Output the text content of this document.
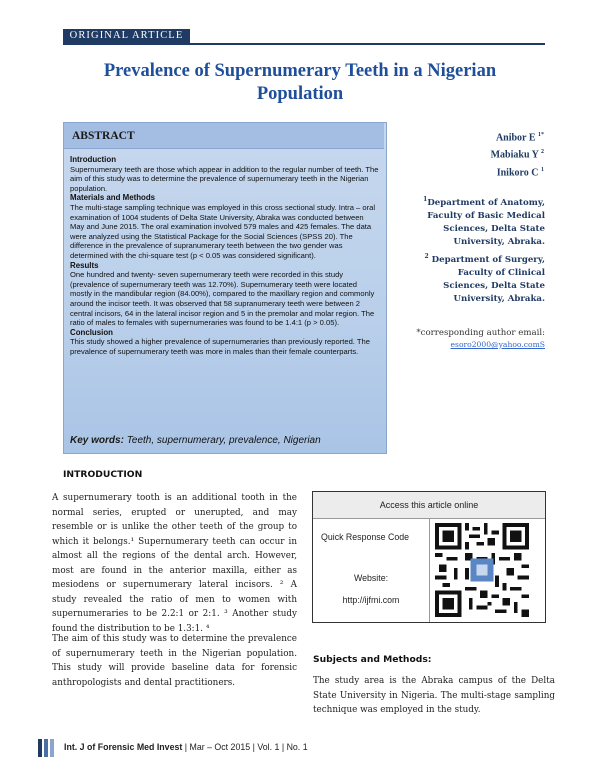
ORIGINAL ARTICLE
Prevalence of Supernumerary Teeth in a Nigerian
Population
ABSTRACT
Introduction

Supernumerary teeth are those which appear in addition to the regular number of teeth. The aim of this study was to determine the prevalence of supernumerary teeth in the Nigerian population.

Materials and Methods

The multi-stage sampling technique was employed in this cross sectional study. Intra – oral examination of 1004 students of Delta State University, Abraka was conducted between May and June 2015. The oral examination involved 579 males and 425 females. The data were analyzed using the Statistical Package for the Social Sciences (SPSS 20). The difference in the prevalence of supranumerary teeth between the two gender was determined with the chi-square test (p < 0.05 was considered significant).

Results

One hundred and twenty- seven supernumerary teeth were recorded in this study (prevalence of supernumerary teeth was 12.70%). Supernumerary teeth were located mostly in the mandibular region (84.00%), compared to the maxillary region and commonly around the incisor teeth. It was observed that 58 supranumerary teeth were between 2 central incisors, 64 in the lateral incisor region and 5 in the premolar and molar region. The ratio of males to females with supernumeraries was found to be 1.4:1 (p > 0.05).

Conclusion

This study showed a higher prevalence of supernumeraries than previously reported. The prevalence of supernumerary teeth was more in males than their female counterparts.

Key words: Teeth, supernumerary, prevalence, Nigerian
Anibor E $^{1*}$
Mabiaku Y $^2$
Inikoro C $^1$
$^1$Department of Anatomy,
Faculty of Basic Medical
Sciences, Delta State
University, Abraka.
$^2$ Department of Surgery,
Faculty of Clinical
Sciences, Delta State
University, Abraka.
*corresponding author email:
esoro2000@yahoo.comS
INTRODUCTION
A supernumerary tooth is an additional tooth in the normal series, erupted or unerupted, and may resemble or is unlike the other teeth of the group to which it belongs.¹ Supernumerary teeth can occur in almost all the regions of the dental arch. However, most are found in the anterior maxilla, either as mesiodens or supernumerary lateral incisors. ² A study revealed the ratio of men to women with supernumeraries to be 2.2:1 or 2:1. ³ Another study found the distribution to be 1.3:1. ⁴
The aim of this study was to determine the prevalence of supernumerary teeth in the Nigerian population. This study will provide baseline data for forensic anthropologists and dental practitioners.
Access this article online
Quick Response Code
Website:
http://ijfmi.com
Subjects and Methods:
The study area is the Abraka campus of the Delta State University in Nigeria. The multi-stage sampling technique was employed in the study.
Int. J of Forensic Med Invest | Mar – Oct 2015 | Vol. 1 | No. 1
